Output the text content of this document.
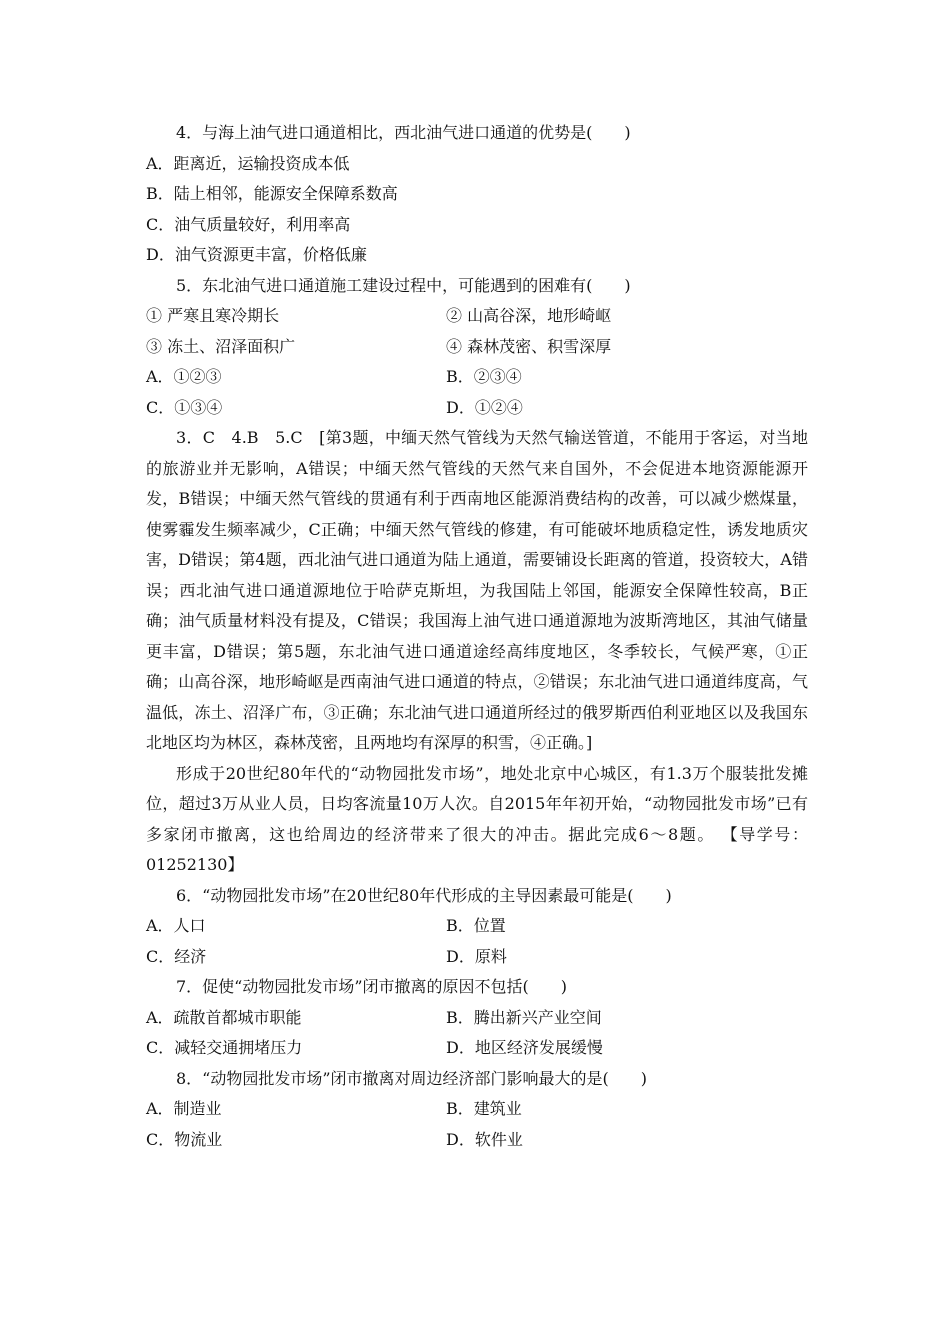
4．与海上油气进口通道相比，西北油气进口通道的优势是(　　)
A．距离近，运输投资成本低
B．陆上相邻，能源安全保障系数高
C．油气质量较好，利用率高
D．油气资源更丰富，价格低廉
5．东北油气进口通道施工建设过程中，可能遇到的困难有(　　)
① 严寒且寒冷期长	② 山高谷深，地形崎岖
③ 冻土、沼泽面积广	④ 森林茂密、积雪深厚
A．①②③	B．②③④
C．①③④	D．①②④

3．C　4.B　5.C　[第3题，中缅天然气管线为天然气输送管道，不能用于客运，对当地的旅游业并无影响，A错误；中缅天然气管线的天然气来自国外，不会促进本地资源能源开发，B错误；中缅天然气管线的贯通有利于西南地区能源消费结构的改善，可以减少燃煤量，使雾霾发生频率减少，C正确；中缅天然气管线的修建，有可能破坏地质稳定性，诱发地质灾害，D错误；第4题，西北油气进口通道为陆上通道，需要铺设长距离的管道，投资较大，A错误；西北油气进口通道源地位于哈萨克斯坦，为我国陆上邻国，能源安全保障性较高，B正确；油气质量材料没有提及，C错误；我国海上油气进口通道源地为波斯湾地区，其油气储量更丰富，D错误；第5题，东北油气进口通道途经高纬度地区，冬季较长，气候严寒，①正确；山高谷深，地形崎岖是西南油气进口通道的特点，②错误；东北油气进口通道纬度高，气温低，冻土、沼泽广布，③正确；东北油气进口通道所经过的俄罗斯西伯利亚地区以及我国东北地区均为林区，森林茂密，且两地均有深厚的积雪，④正确。]

形成于20世纪80年代的“动物园批发市场”，地处北京中心城区，有1.3万个服装批发摊位，超过3万从业人员，日均客流量10万人次。自2015年年初开始，“动物园批发市场”已有多家闭市撤离，这也给周边的经济带来了很大的冲击。据此完成6～8题。 【导学号：01252130】

6．“动物园批发市场”在20世纪80年代形成的主导因素最可能是(　　)
A．人口	B．位置
C．经济	D．原料
7．促使“动物园批发市场”闭市撤离的原因不包括(　　)
A．疏散首都城市职能	B．腾出新兴产业空间
C．减轻交通拥堵压力	D．地区经济发展缓慢
8．“动物园批发市场”闭市撤离对周边经济部门影响最大的是(　　)
A．制造业	B．建筑业
C．物流业	D．软件业
